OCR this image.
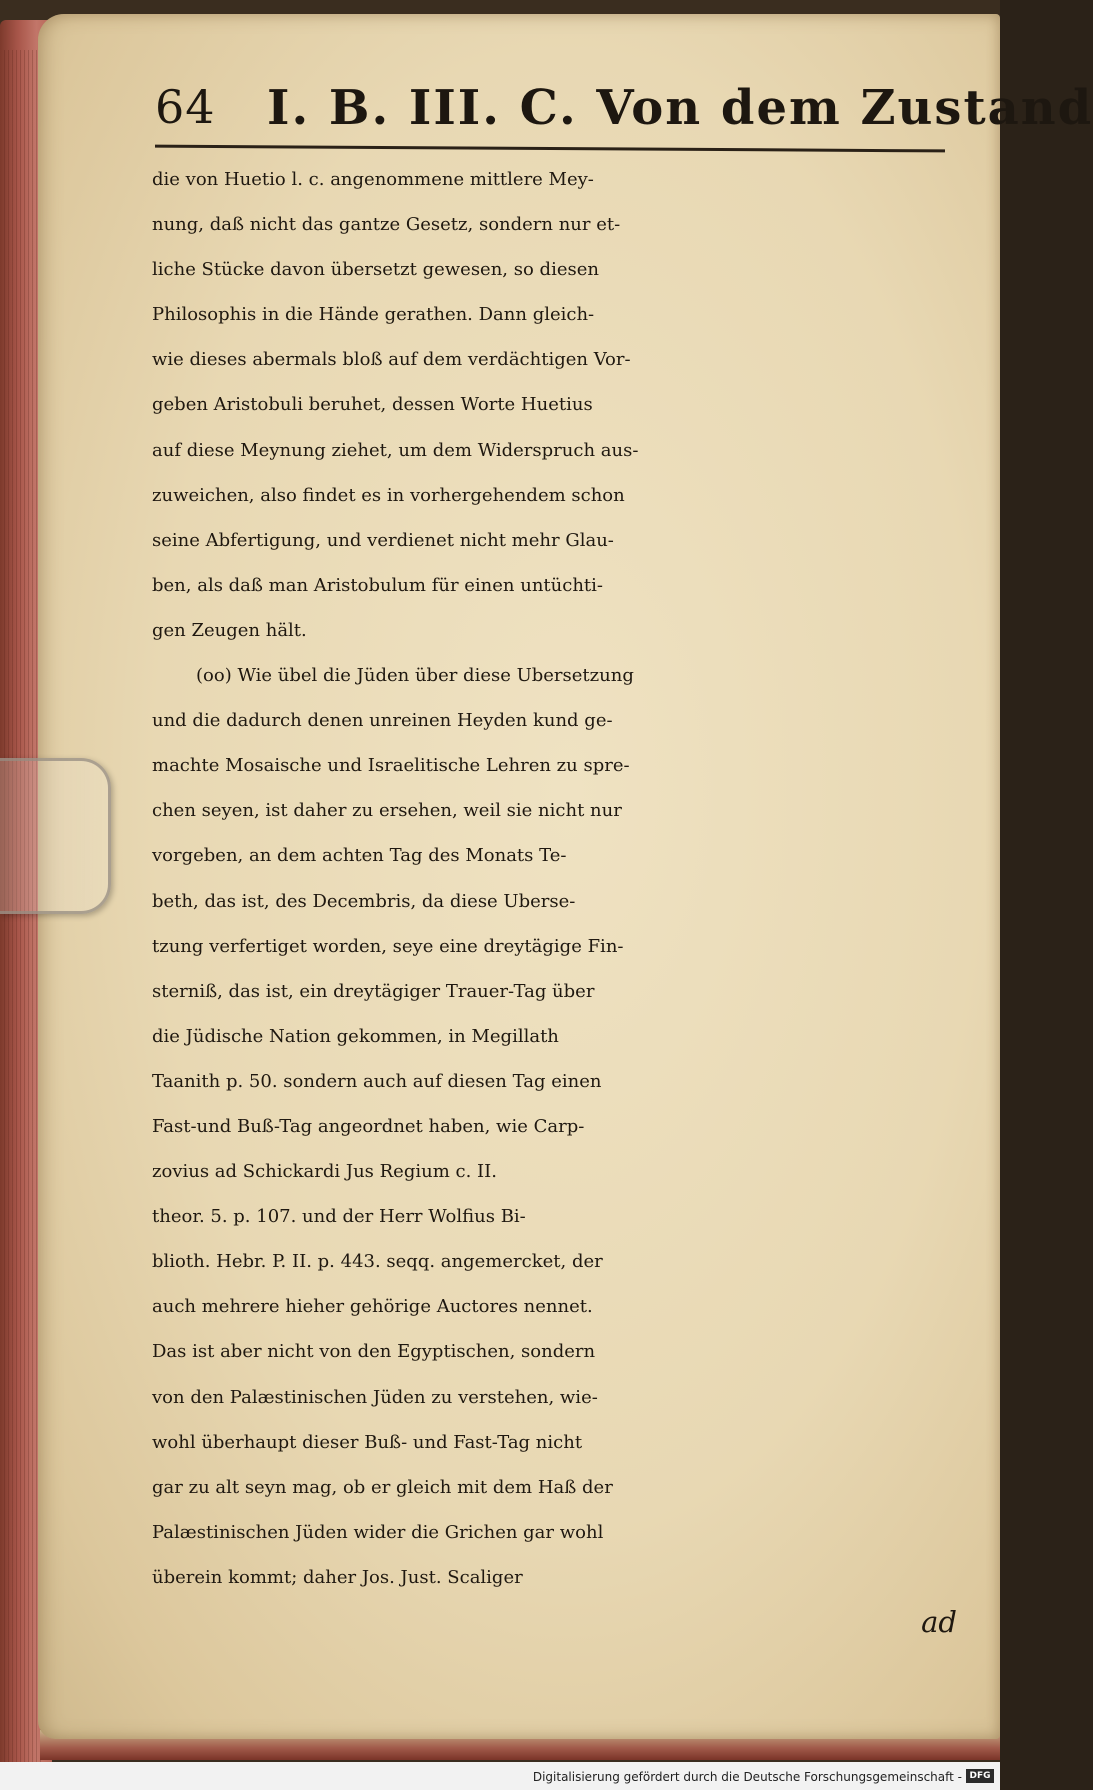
64 I. B. III. C. Von dem Zustand
die von Huetio l. c. angenommene mittlere Mey-
nung, daß nicht das gantze Gesetz, sondern nur et-
liche Stücke davon übersetzt gewesen, so diesen
Philosophis in die Hände gerathen. Dann gleich-
wie dieses abermals bloß auf dem verdächtigen Vor-
geben Aristobuli beruhet, dessen Worte Huetius
auf diese Meynung ziehet, um dem Widerspruch aus-
zuweichen, also findet es in vorhergehendem schon
seine Abfertigung, und verdienet nicht mehr Glau-
ben, als daß man Aristobulum für einen untüchti-
gen Zeugen hält.
(oo) Wie übel die Jüden über diese Ubersetzung
und die dadurch denen unreinen Heyden kund ge-
machte Mosaische und Israelitische Lehren zu spre-
chen seyen, ist daher zu ersehen, weil sie nicht nur
vorgeben, an dem achten Tag des Monats Te-
beth, das ist, des Decembris, da diese Uberse-
tzung verfertiget worden, seye eine dreytägige Fin-
sterniß, das ist, ein dreytägiger Trauer-Tag über
die Jüdische Nation gekommen, in Megillath
Taanith p. 50. sondern auch auf diesen Tag einen
Fast-und Buß-Tag angeordnet haben, wie Carp-
zovius ad Schickardi Jus Regium c. II.
theor. 5. p. 107. und der Herr Wolfius Bi-
blioth. Hebr. P. II. p. 443. seqq. angemercket, der
auch mehrere hieher gehörige Auctores nennet.
Das ist aber nicht von den Egyptischen, sondern
von den Palæstinischen Jüden zu verstehen, wie-
wohl überhaupt dieser Buß- und Fast-Tag nicht
gar zu alt seyn mag, ob er gleich mit dem Haß der
Palæstinischen Jüden wider die Grichen gar wohl
überein kommt; daher Jos. Just. Scaliger
ad
Digitalisierung gefördert durch die Deutsche Forschungsgemeinschaft - DFG
